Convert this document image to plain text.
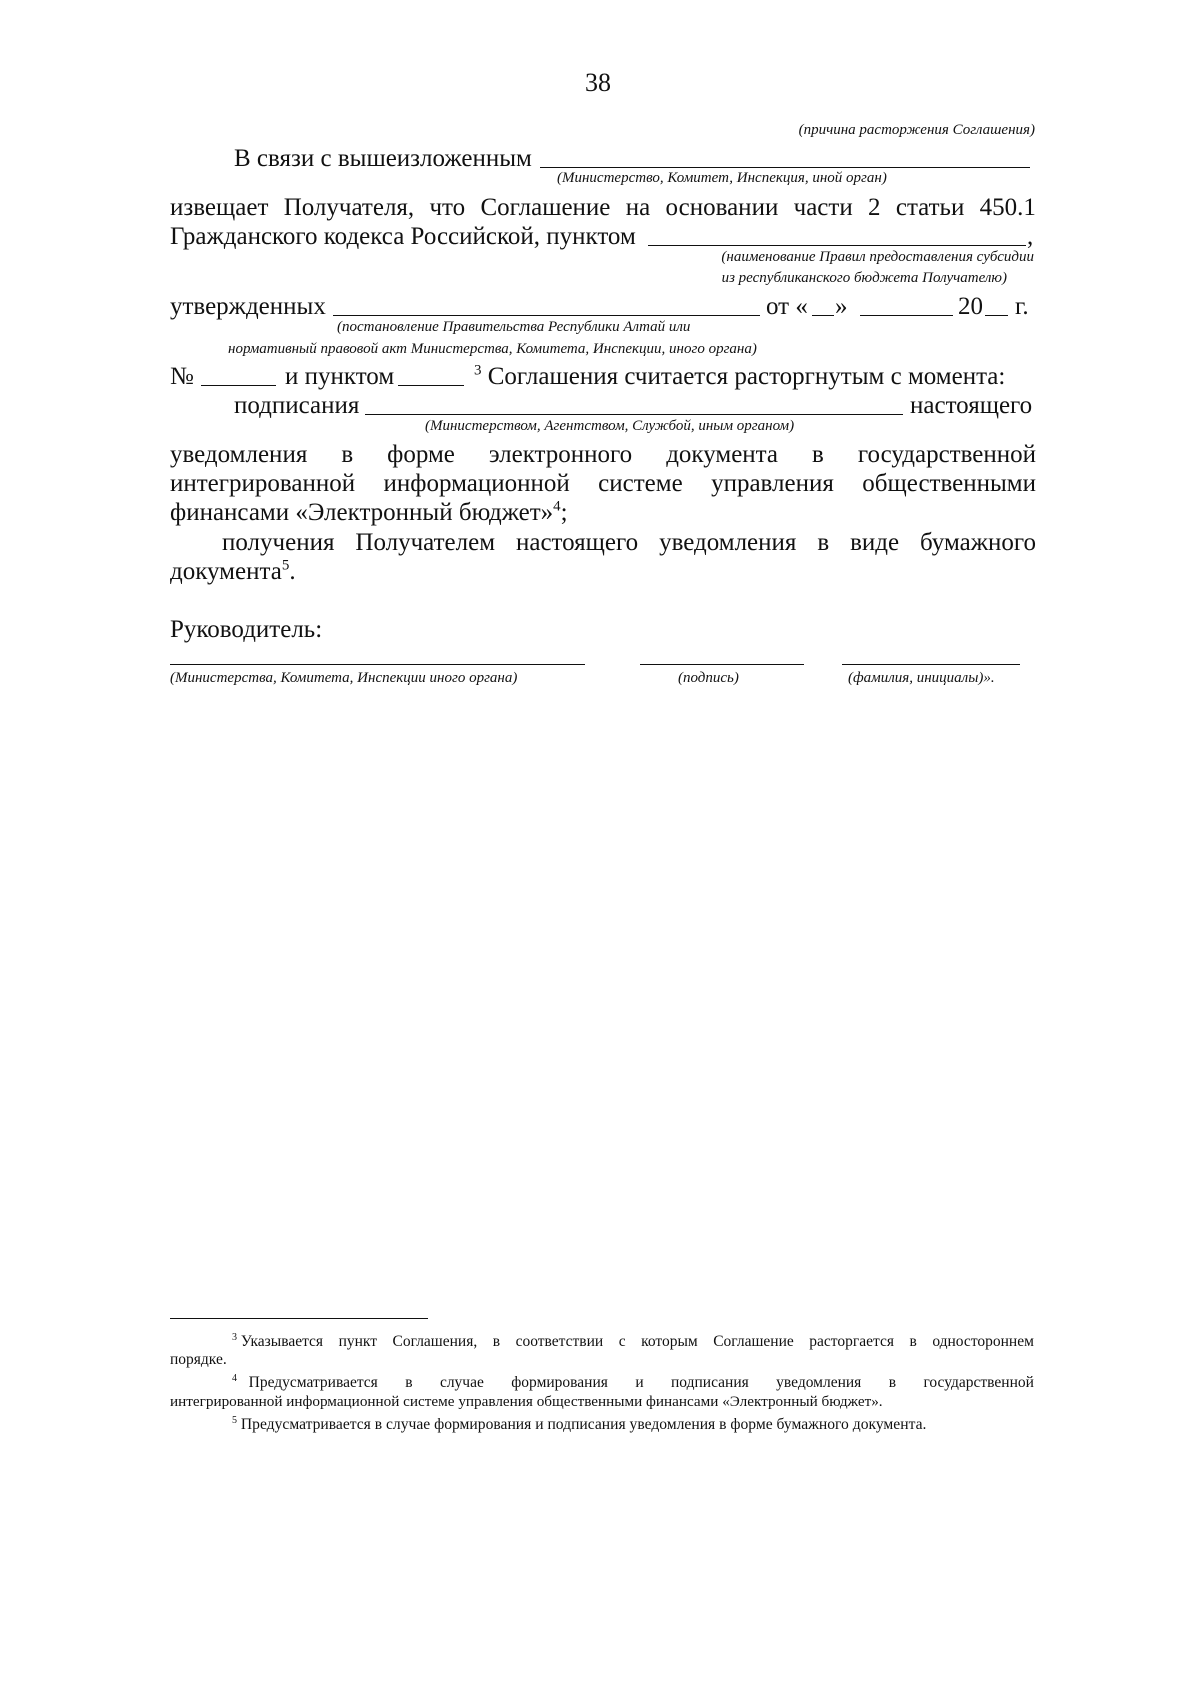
38
(причина расторжения Соглашения)
В связи с вышеизложенным
(Министерство, Комитет, Инспекция, иной орган)
извещает Получателя, что Соглашение на основании части 2 статьи 450.1
Гражданского кодекса Российской, пунктом	,
(наименование Правил предоставления субсидии
из республиканского бюджета Получателю)
утвержденных	от « »	20 г.
(постановление Правительства Республики Алтай или
нормативный правовой акт Министерства, Комитета, Инспекции, иного органа)
№	и пунктом	$^3$ Соглашения считается расторгнутым с момента:
подписания	настоящего
(Министерством, Агентством, Службой, иным органом)
уведомления в форме электронного документа в государственной
интегрированной информационной системе управления общественными
финансами «Электронный бюджет»$^4$;
получения Получателем настоящего уведомления в виде бумажного
документа$^5$.
Руководитель:
(Министерства, Комитета, Инспекции иного органа)	(подпись)	(фамилия, инициалы)».
$^3$ Указывается пункт Соглашения, в соответствии с которым Соглашение расторгается в одностороннем
порядке.
$^4$ Предусматривается в случае формирования и подписания уведомления в государственной
интегрированной информационной системе управления общественными финансами «Электронный бюджет».
$^5$ Предусматривается в случае формирования и подписания уведомления в форме бумажного документа.
